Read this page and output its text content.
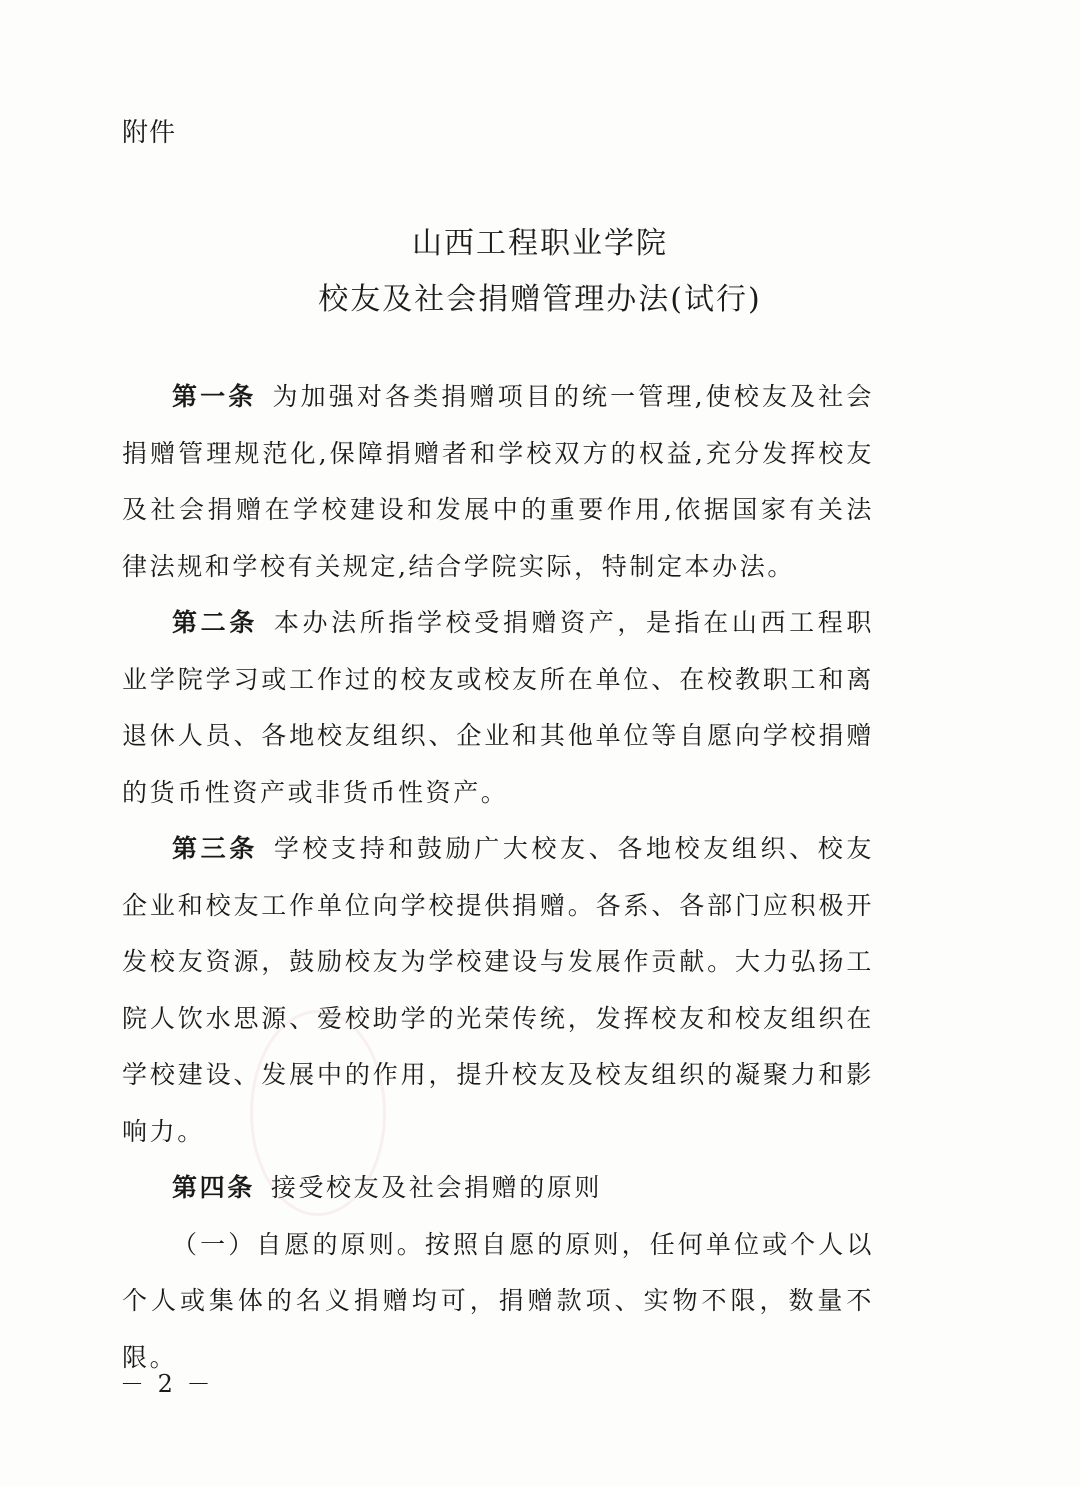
附件
山西工程职业学院
校友及社会捐赠管理办法(试行)

第一条 为加强对各类捐赠项目的统一管理,使校友及社会捐赠管理规范化,保障捐赠者和学校双方的权益,充分发挥校友及社会捐赠在学校建设和发展中的重要作用,依据国家有关法律法规和学校有关规定,结合学院实际，特制定本办法。

第二条 本办法所指学校受捐赠资产，是指在山西工程职业学院学习或工作过的校友或校友所在单位、在校教职工和离退休人员、各地校友组织、企业和其他单位等自愿向学校捐赠的货币性资产或非货币性资产。

第三条 学校支持和鼓励广大校友、各地校友组织、校友企业和校友工作单位向学校提供捐赠。各系、各部门应积极开发校友资源，鼓励校友为学校建设与发展作贡献。大力弘扬工院人饮水思源、爱校助学的光荣传统，发挥校友和校友组织在学校建设、发展中的作用，提升校友及校友组织的凝聚力和影响力。

第四条 接受校友及社会捐赠的原则

（一）自愿的原则。按照自愿的原则，任何单位或个人以个人或集体的名义捐赠均可，捐赠款项、实物不限，数量不限。

－ 2 －
